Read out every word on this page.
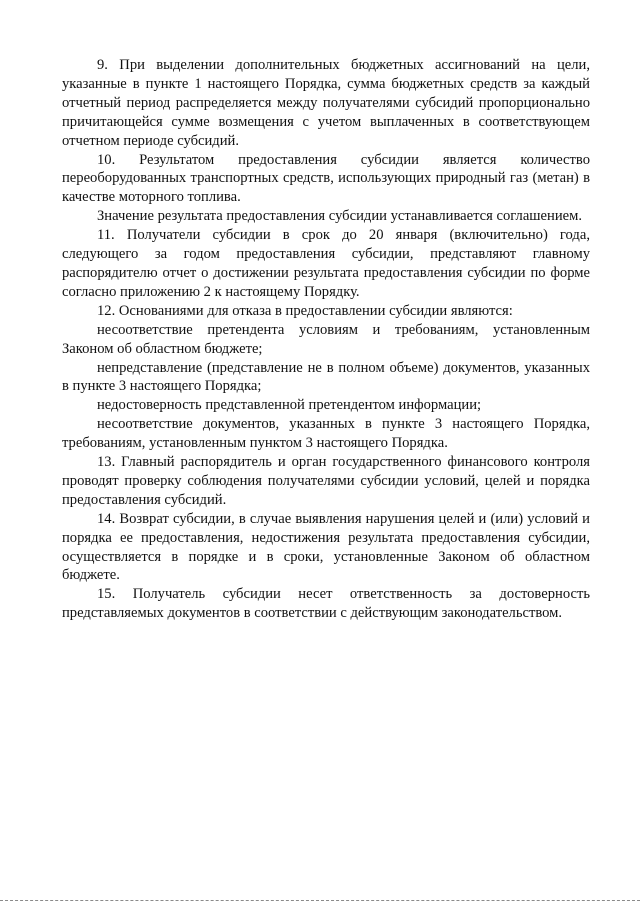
9. При выделении дополнительных бюджетных ассигнований на цели, указанные в пункте 1 настоящего Порядка, сумма бюджетных средств за каждый отчетный период распределяется между получателями субсидий пропорционально причитающейся сумме возмещения с учетом выплаченных в соответствующем отчетном периоде субсидий.

10. Результатом предоставления субсидии является количество переоборудованных транспортных средств, использующих природный газ (метан) в качестве моторного топлива.

Значение результата предоставления субсидии устанавливается соглашением.

11. Получатели субсидии в срок до 20 января (включительно) года, следующего за годом предоставления субсидии, представляют главному распорядителю отчет о достижении результата предоставления субсидии по форме согласно приложению 2 к настоящему Порядку.

12. Основаниями для отказа в предоставлении субсидии являются:

несоответствие претендента условиям и требованиям, установленным Законом об областном бюджете;

непредставление (представление не в полном объеме) документов, указанных в пункте 3 настоящего Порядка;

недостоверность представленной претендентом информации;

несоответствие документов, указанных в пункте 3 настоящего Порядка, требованиям, установленным пунктом 3 настоящего Порядка.

13. Главный распорядитель и орган государственного финансового контроля проводят проверку соблюдения получателями субсидии условий, целей и порядка предоставления субсидий.

14. Возврат субсидии, в случае выявления нарушения целей и (или) условий и порядка ее предоставления, недостижения результата предоставления субсидии, осуществляется в порядке и в сроки, установленные Законом об областном бюджете.

15. Получатель субсидии несет ответственность за достоверность представляемых документов в соответствии с действующим законодательством.
